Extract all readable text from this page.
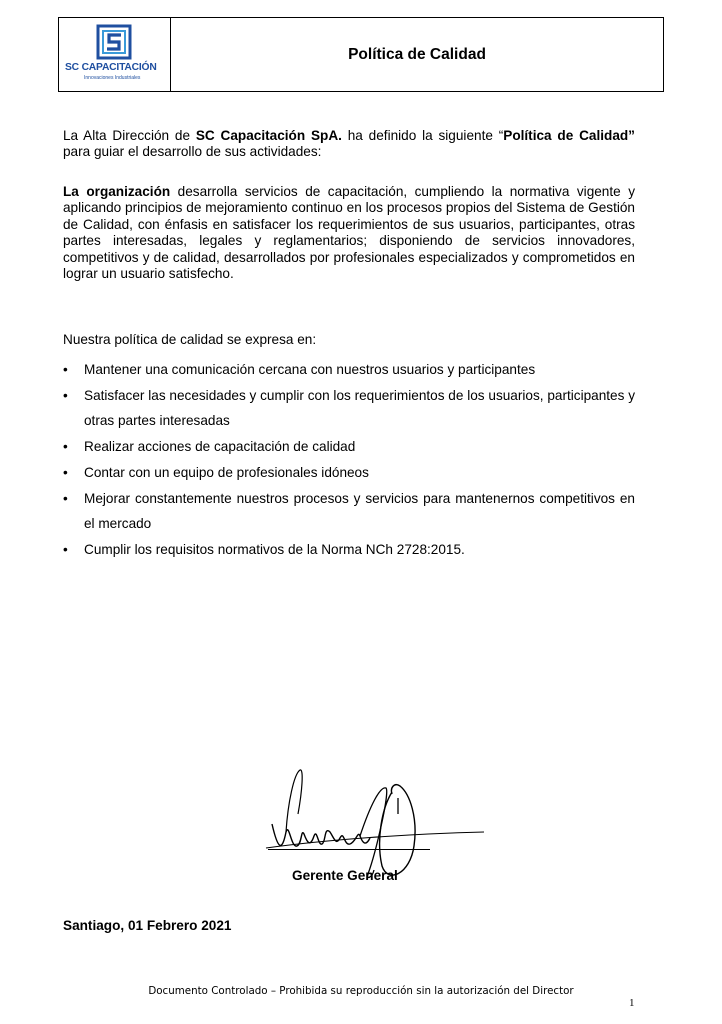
SC CAPACITACIÓN
Innovaciones Industriales
Política de Calidad
La Alta Dirección de SC Capacitación SpA. ha definido la siguiente “Política de Calidad” para guiar el desarrollo de sus actividades:
La organización desarrolla servicios de capacitación, cumpliendo la normativa vigente y aplicando principios de mejoramiento continuo en los procesos propios del Sistema de Gestión de Calidad, con énfasis en satisfacer los requerimientos de sus usuarios, participantes, otras partes interesadas, legales y reglamentarios; disponiendo de servicios innovadores, competitivos y de calidad, desarrollados por profesionales especializados y comprometidos en lograr un usuario satisfecho.
Nuestra política de calidad se expresa en:
• Mantener una comunicación cercana con nuestros usuarios y participantes
• Satisfacer las necesidades y cumplir con los requerimientos de los usuarios, participantes y otras partes interesadas
• Realizar acciones de capacitación de calidad
• Contar con un equipo de profesionales idóneos
• Mejorar constantemente nuestros procesos y servicios para mantenernos competitivos en el mercado
• Cumplir los requisitos normativos de la Norma NCh 2728:2015.
Gerente General
Santiago, 01 Febrero 2021
Documento Controlado – Prohibida su reproducción sin la autorización del Director
1
